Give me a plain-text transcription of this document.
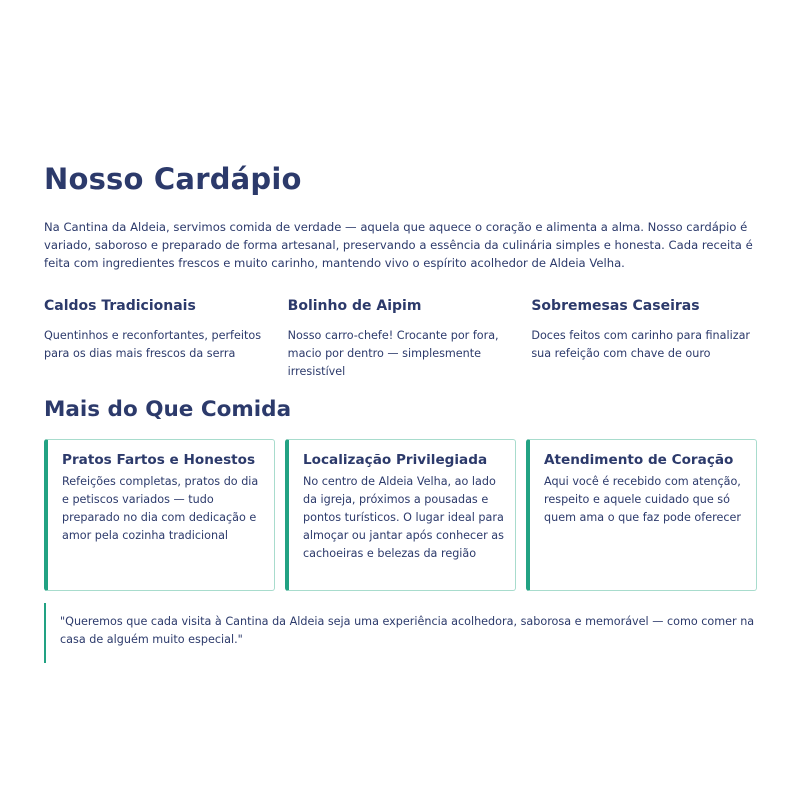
Nosso Cardápio

Na Cantina da Aldeia, servimos comida de verdade — aquela que aquece o coração e alimenta a alma. Nosso cardápio é variado, saboroso e preparado de forma artesanal, preservando a essência da culinária simples e honesta. Cada receita é feita com ingredientes frescos e muito carinho, mantendo vivo o espírito acolhedor de Aldeia Velha.

Caldos Tradicionais

Quentinhos e reconfortantes, perfeitos para os dias mais frescos da serra

Bolinho de Aipim

Nosso carro-chefe! Crocante por fora, macio por dentro — simplesmente irresistível

Sobremesas Caseiras

Doces feitos com carinho para finalizar sua refeição com chave de ouro

Mais do Que Comida
Pratos Fartos e Honestos

Refeições completas, pratos do dia e petiscos variados — tudo preparado no dia com dedicação e amor pela cozinha tradicional

Localização Privilegiada

No centro de Aldeia Velha, ao lado da igreja, próximos a pousadas e pontos turísticos. O lugar ideal para almoçar ou jantar após conhecer as cachoeiras e belezas da região

Atendimento de Coração

Aqui você é recebido com atenção, respeito e aquele cuidado que só quem ama o que faz pode oferecer

"Queremos que cada visita à Cantina da Aldeia seja uma experiência acolhedora, saborosa e memorável — como comer na casa de alguém muito especial."
